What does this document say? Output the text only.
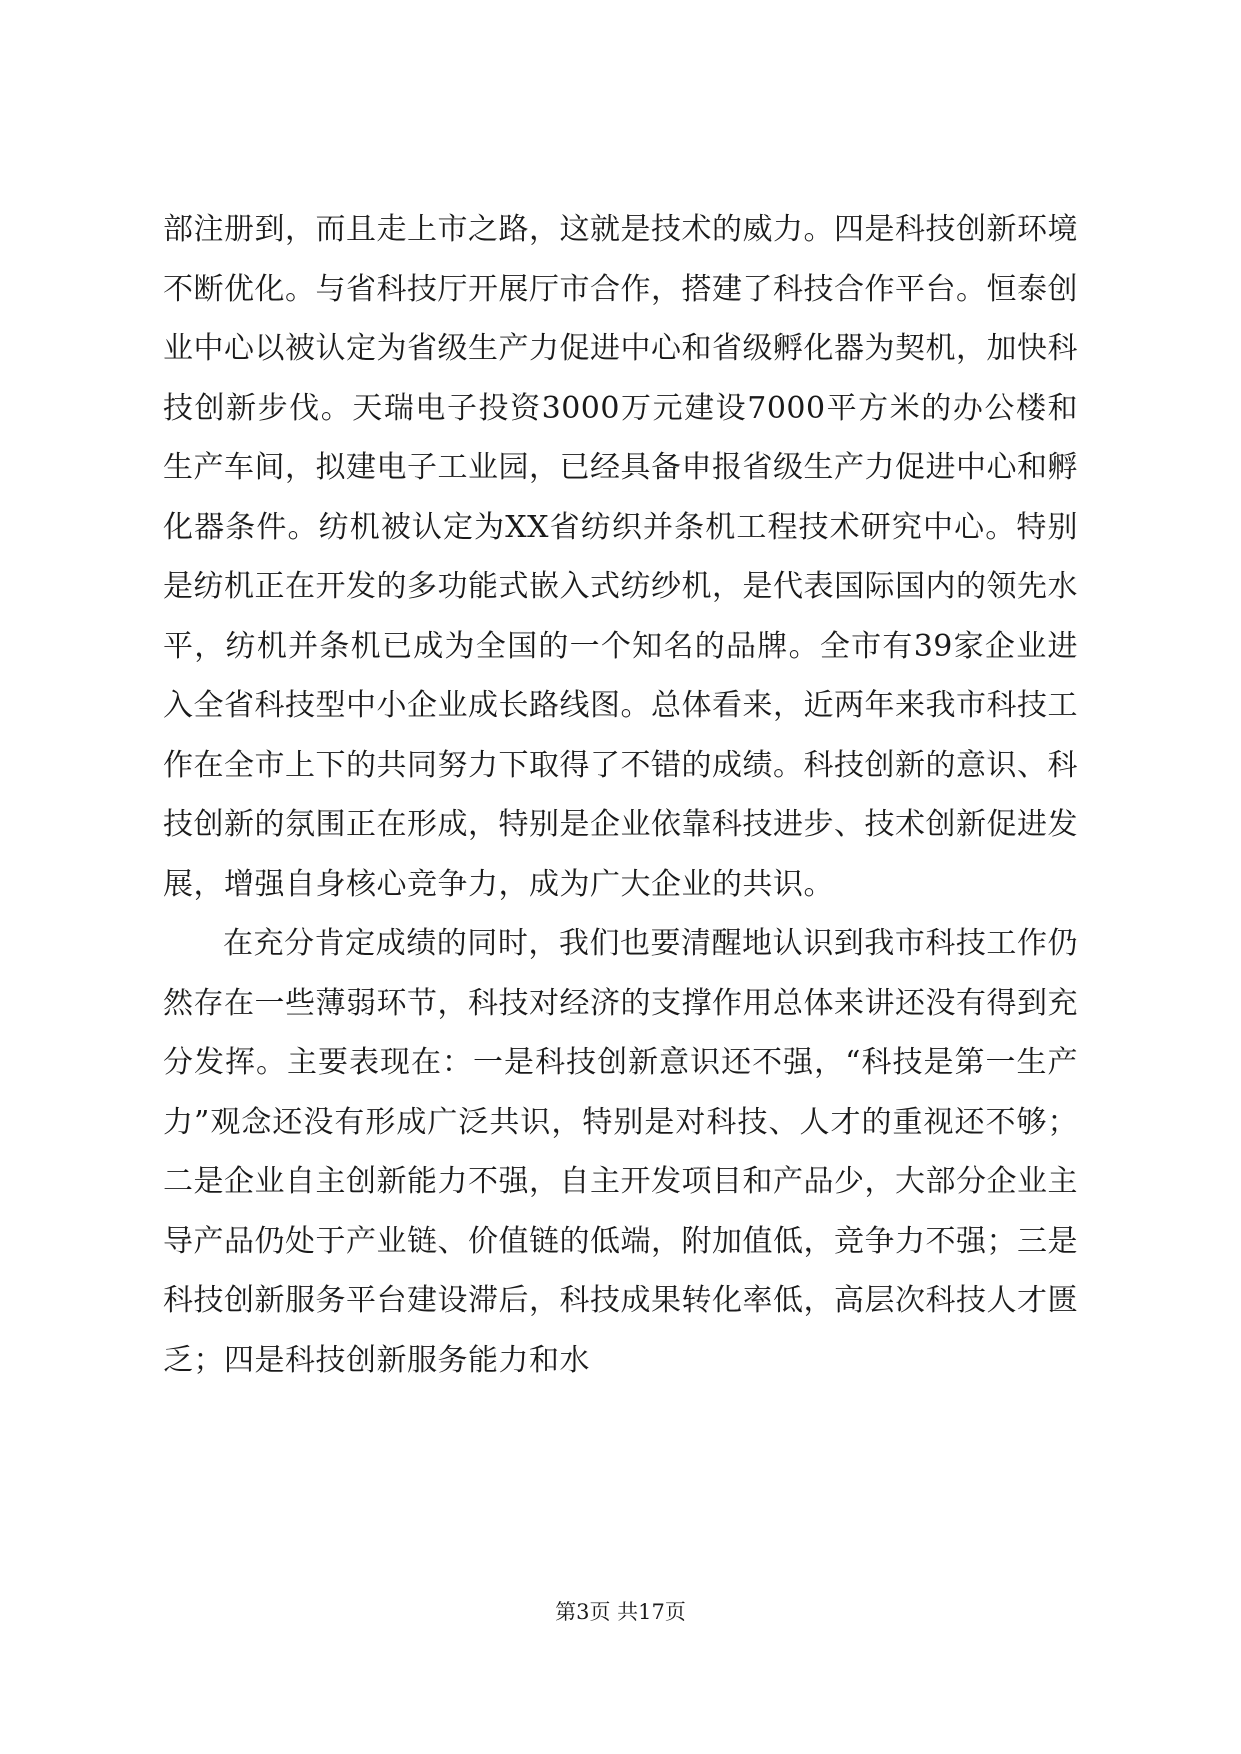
部注册到，而且走上市之路，这就是技术的威力。四是科技创新环境不断优化。与省科技厅开展厅市合作，搭建了科技合作平台。恒泰创业中心以被认定为省级生产力促进中心和省级孵化器为契机，加快科技创新步伐。天瑞电子投资3000万元建设7000平方米的办公楼和生产车间，拟建电子工业园，已经具备申报省级生产力促进中心和孵化器条件。纺机被认定为XX省纺织并条机工程技术研究中心。特别是纺机正在开发的多功能式嵌入式纺纱机，是代表国际国内的领先水平，纺机并条机已成为全国的一个知名的品牌。全市有39家企业进入全省科技型中小企业成长路线图。总体看来，近两年来我市科技工作在全市上下的共同努力下取得了不错的成绩。科技创新的意识、科技创新的氛围正在形成，特别是企业依靠科技进步、技术创新促进发展，增强自身核心竞争力，成为广大企业的共识。

在充分肯定成绩的同时，我们也要清醒地认识到我市科技工作仍然存在一些薄弱环节，科技对经济的支撑作用总体来讲还没有得到充分发挥。主要表现在：一是科技创新意识还不强，“科技是第一生产力”观念还没有形成广泛共识，特别是对科技、人才的重视还不够；二是企业自主创新能力不强，自主开发项目和产品少，大部分企业主导产品仍处于产业链、价值链的低端，附加值低，竞争力不强；三是科技创新服务平台建设滞后，科技成果转化率低，高层次科技人才匮乏；四是科技创新服务能力和水

第3页 共17页
